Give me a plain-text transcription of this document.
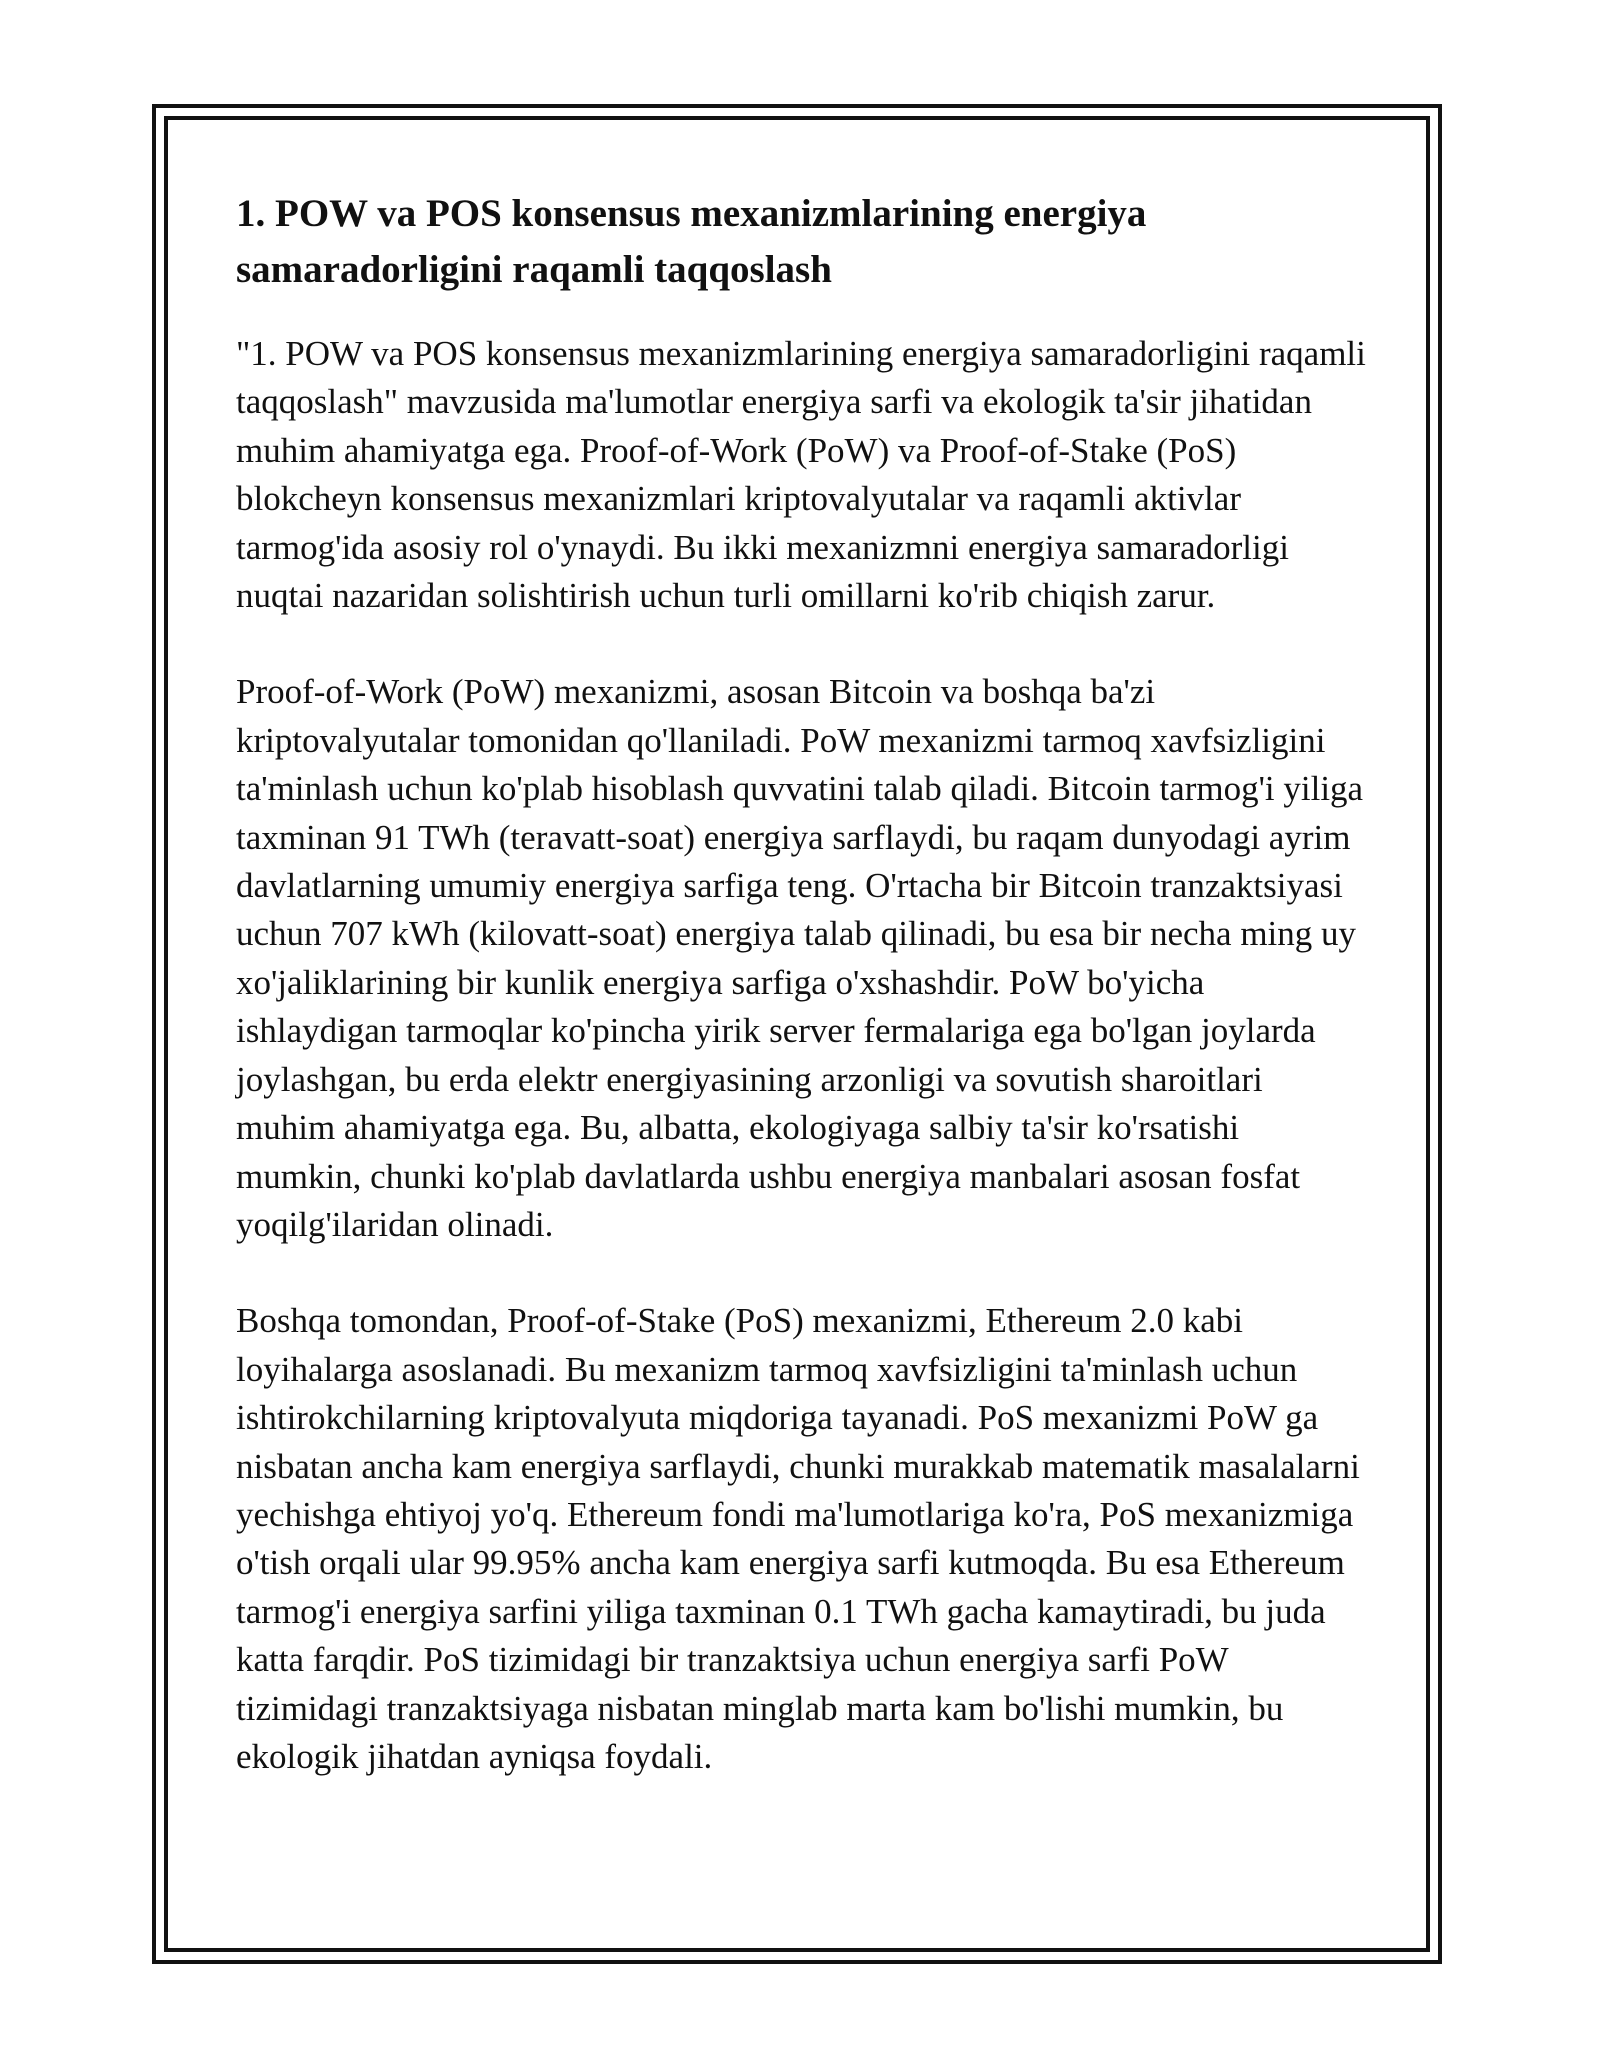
1. POW va POS konsensus mexanizmlarining energiya samaradorligini raqamli taqqoslash

"1. POW va POS konsensus mexanizmlarining energiya samaradorligini raqamli taqqoslash" mavzusida ma'lumotlar energiya sarfi va ekologik ta'sir jihatidan muhim ahamiyatga ega. Proof-of-Work (PoW) va Proof-of-Stake (PoS) blokcheyn konsensus mexanizmlari kriptovalyutalar va raqamli aktivlar tarmog'ida asosiy rol o'ynaydi. Bu ikki mexanizmni energiya samaradorligi nuqtai nazaridan solishtirish uchun turli omillarni ko'rib chiqish zarur.

Proof-of-Work (PoW) mexanizmi, asosan Bitcoin va boshqa ba'zi kriptovalyutalar tomonidan qo'llaniladi. PoW mexanizmi tarmoq xavfsizligini ta'minlash uchun ko'plab hisoblash quvvatini talab qiladi. Bitcoin tarmog'i yiliga taxminan 91 TWh (teravatt-soat) energiya sarflaydi, bu raqam dunyodagi ayrim davlatlarning umumiy energiya sarfiga teng. O'rtacha bir Bitcoin tranzaktsiyasi uchun 707 kWh (kilovatt-soat) energiya talab qilinadi, bu esa bir necha ming uy xo'jaliklarining bir kunlik energiya sarfiga o'xshashdir. PoW bo'yicha ishlaydigan tarmoqlar ko'pincha yirik server fermalariga ega bo'lgan joylarda joylashgan, bu erda elektr energiyasining arzonligi va sovutish sharoitlari muhim ahamiyatga ega. Bu, albatta, ekologiyaga salbiy ta'sir ko'rsatishi mumkin, chunki ko'plab davlatlarda ushbu energiya manbalari asosan fosfat yoqilg'ilaridan olinadi.

Boshqa tomondan, Proof-of-Stake (PoS) mexanizmi, Ethereum 2.0 kabi loyihalarga asoslanadi. Bu mexanizm tarmoq xavfsizligini ta'minlash uchun ishtirokchilarning kriptovalyuta miqdoriga tayanadi. PoS mexanizmi PoW ga nisbatan ancha kam energiya sarflaydi, chunki murakkab matematik masalalarni yechishga ehtiyoj yo'q. Ethereum fondi ma'lumotlariga ko'ra, PoS mexanizmiga o'tish orqali ular 99.95% ancha kam energiya sarfi kutmoqda. Bu esa Ethereum tarmog'i energiya sarfini yiliga taxminan 0.1 TWh gacha kamaytiradi, bu juda katta farqdir. PoS tizimidagi bir tranzaktsiya uchun energiya sarfi PoW tizimidagi tranzaktsiyaga nisbatan minglab marta kam bo'lishi mumkin, bu ekologik jihatdan ayniqsa foydali.
